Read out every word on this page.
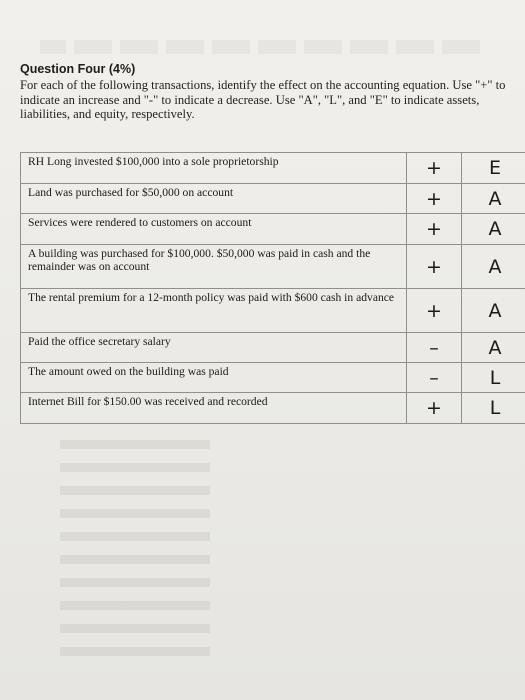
Question Four (4%)
For each of the following transactions, identify the effect on the accounting equation. Use "+" to indicate an increase and "-" to indicate a decrease. Use "A", "L", and "E" to indicate assets, liabilities, and equity, respectively.
RH Long invested $100,000 into a sole proprietorship	+	E
Land was purchased for $50,000 on account	+	A
Services were rendered to customers on account	+	A
A building was purchased for $100,000. $50,000 was paid in cash and the remainder was on account	+	A
The rental premium for a 12-month policy was paid with $600 cash in advance	+	A
Paid the office secretary salary	–	A
The amount owed on the building was paid	–	L
Internet Bill for $150.00 was received and recorded	+	L
